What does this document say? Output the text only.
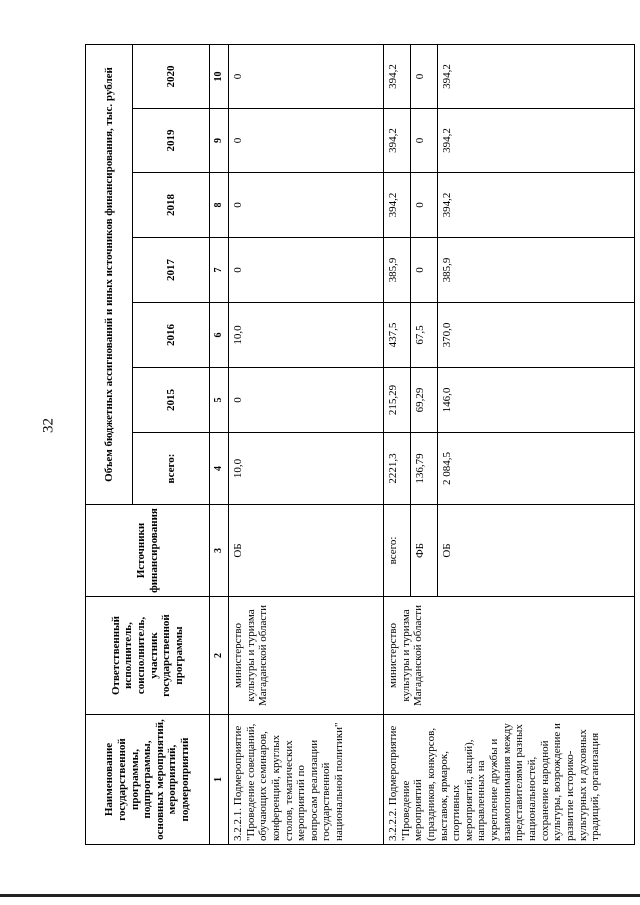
32
Наименование государственной программы, подпрограммы, основных мероприятий, мероприятий, подмероприятий	Ответственный исполнитель, соисполнитель, участник государственной программы	Источники финансирования	Объем бюджетных ассигнований и иных источников финансирования, тыс. рублей						
			всего:	2015	2016	2017	2018	2019	2020
1	2	3	4	5	6	7	8	9	10
3.2.2.1. Подмероприятие "Проведение совещаний, обучающих семинаров, конференций, круглых столов, тематических мероприятий по вопросам реализации государственной национальной политики"	министерство культуры и туризма Магаданской области	ОБ	10,0	0	10,0	0	0	0	0
3.2.2.2. Подмероприятие "Проведение мероприятий (праздников, конкурсов, выставок, ярмарок, спортивных мероприятий, акций), направленных на укрепление дружбы и взаимопонимания между представителями разных национальностей, сохранение народной культуры, возрождение и развитие историко-культурных и духовных традиций, организация	министерство культуры и туризма Магаданской области	всего:	2221,3	215,29	437,5	385,9	394,2	394,2	394,2
		ФБ	136,79	69,29	67,5	0	0	0	0
		ОБ	2 084,5	146,0	370,0	385,9	394,2	394,2	394,2
